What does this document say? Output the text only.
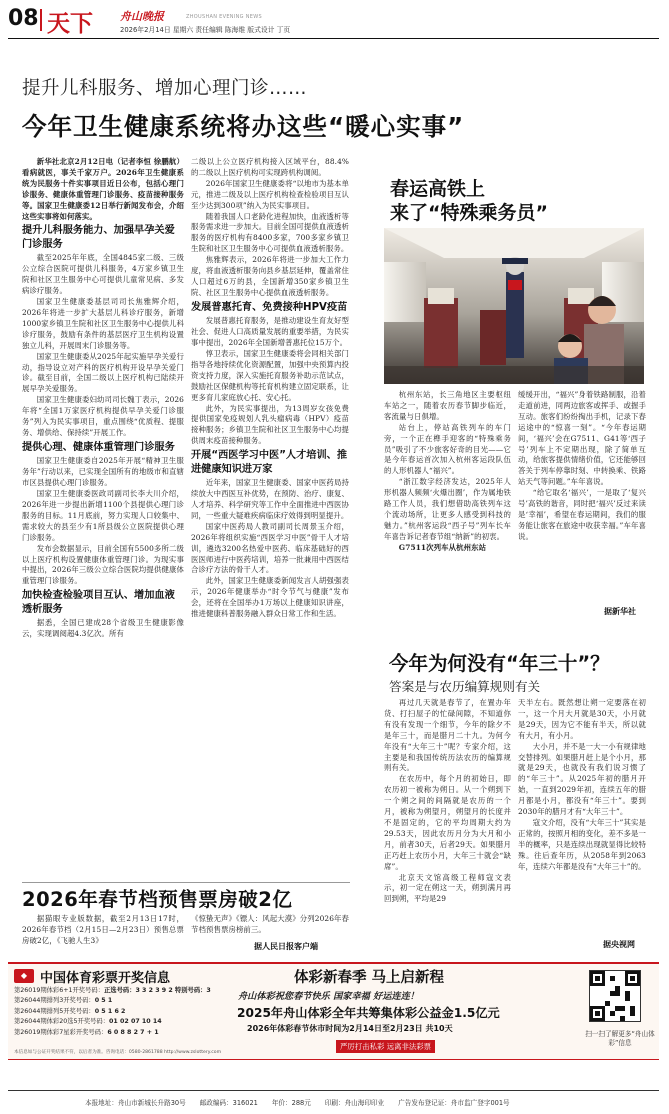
08 天下 舟山晚报	ZHOUSHAN EVENING NEWS
2026年2月14日 星期六 责任编辑 陈海维 版式设计 丁页
提升儿科服务、增加心理门诊……
今年卫生健康系统将办这些“暖心实事”
新华社北京2月12日电（记者李恒 徐鹏航）看病就医，事关千家万户。2026年卫生健康系统为民服务十件实事项目近日公布，包括心理门诊服务、健康体重管理门诊服务、疫苗接种服务等。国家卫生健康委12日举行新闻发布会，介绍这些实事将如何落实。
提升儿科服务能力、加强早孕关爱门诊服务
截至2025年年底，全国4845家二级、三级公立综合医院可提供儿科服务，4万家乡镇卫生院和社区卫生服务中心可提供儿童常见病、多发病诊疗服务。
国家卫生健康委基层司司长焦雅辉介绍，2026年将进一步扩大基层儿科诊疗服务，新增1000家乡镇卫生院和社区卫生服务中心提供儿科诊疗服务，鼓励有条件的基层医疗卫生机构设置独立儿科，开展周末门诊服务等。
国家卫生健康委从2025年起实施早孕关爱行动，指导设立对产科的医疗机构开设早孕关爱门诊。截至目前，全国二级以上医疗机构已陆续开展早孕关爱服务。
国家卫生健康委妇幼司司长魏丁表示，2026年将“全国1万家医疗机构提供早孕关爱门诊服务”列入为民实事项目，重点围绕“优质程、提服务、增供给、保持续”开展工作。
提供心理、健康体重管理门诊服务
国家卫生健康委自2025年开展“精神卫生服务年”行动以来，已实现全国所有的地级市和直辖市区县提供心理门诊服务。
国家卫生健康委医政司副司长李大川介绍，2026年进一步提出新增1100个县提供心理门诊服务的目标。11月底前，努力实现人口较集中、需求较大的县至少有1所县级公立医院提供心理门诊服务。
发布会数据显示，目前全国有5500多所二级以上医疗机构设置健康体重管理门诊。为现实事中提出，2026年三级公立综合医院均提供健康体重管理门诊服务。
加快检查检验项目互认、增加血液透析服务
据悉，全国已建成28个省级卫生健康影像云，实现调阅超4.3亿次。所有
二级以上公立医疗机构接入区域平台，88.4%的二级以上医疗机构可实现跨机构调阅。
2026年国家卫生健康委将“以地市为基本单元，推进二级及以上医疗机构检查检验项目互认至少达到300项”纳入为民实事项目。
随着我国人口老龄化进程加快，血液透析等服务需求进一步加大。目前全国可提供血液透析服务的医疗机构有8400多家，700多家乡镇卫生院和社区卫生服务中心可提供血液透析服务。
焦雅辉表示，2026年将进一步加大工作力度，将血液透析服务向县乡基层延伸，覆盖常住人口超过6万的县，全国新增350家乡镇卫生院、社区卫生服务中心提供血液透析服务。
发展普惠托育、免费接种HPV疫苗
发展普惠托育服务，是推动建设生育友好型社会、促进人口高质量发展的重要举措，为民实事中提出，2026年全国新增普惠托位15万个。
惇卫表示，国家卫生健康委将会同相关部门指导各地持续优化资源配置，加强中央预算内投资支持力度，深入实施托育服务补助示范试点，鼓励社区保健机构等托育机构建立固定联系，让更多育儿家庭放心托、安心托。
此外，为民实事提出，为13周岁女孩免费提供国家免疫规划人乳头瘤病毒（HPV）疫苗接种服务；乡镇卫生院和社区卫生服务中心均提供周末疫苗接种服务。
开展“西医学习中医”人才培训、推进健康知识进万家
近年来，国家卫生健康委、国家中医药局持续放大中西医互补优势，在预防、治疗、康复、人才培养、科学研究等工作中全面推进中西医协同，一些重大疑难疾病临床疗效得到明显提升。
国家中医药局人教司副司长周景玉介绍，2026年将组织实施“西医学习中医”骨干人才培训，遴选3200名热爱中医药、临床基础好的西医医师进行中医药培训，培养一批兼用中西医结合诊疗方法的骨干人才。
此外，国家卫生健康委新闻发言人胡强强表示，2026年健康举办“时令节气与健康”发布会，还将在全国举办1万场以上健康知识讲座，推进健康科普服务融入群众日常工作和生活。
春运高铁上
来了“特殊乘务员”
杭州东站，长三角地区主要枢纽车站之一，随着农历春节脚步临近，客流量与日俱增。
站台上，停站高铁列车的车门旁，一个正在榫手迎客的“特殊乘务员”吸引了不少旅客好奇的目光——它是今年春运首次加入杭州客运段队伍的人形机器人“福兴”。
“浙江数字经济发达，2025年人形机器人频频‘火爆出圈’，作为属地铁路工作人员，我们想借助高铁列车这个流动场所，让更多人感受到科技的魅力。”杭州客运段“西子号”列车长车年喜告诉记者春节组“纳新”的初衷。
G7511次列车从杭州东站
缓缓开出，“福兴”身着铁路制服，沿着走道前进，同两边旅客或挥手、或握手互动。旅客们纷纷掏出手机，记录下春运途中的“惊喜一刻”。“今年春运期间，‘福兴’会在G7511、G41等‘西子号’列车上不定期出现，除了简单互动，给旅客提供情绪价值，它还能够回答关于列车停靠时刻、中转换乘、铁路站天气等问题。”车年喜说。
“给它取名‘福兴’，一是取了‘复兴号’高铁的谐音，同时把‘福兴’反过来读是‘幸福’，希望在春运期间，我们的服务能让旅客在旅途中收获幸福。”车年喜说。
据新华社
今年为何没有“年三十”？
答案是与农历编算规则有关
再过几天就是春节了，在置办年货、打扫屋子的忙碌间隙，不知道你有没有发现一个细节，今年的除夕不是年三十，而是腊月二十九。为何今年没有“大年三十”呢？专家介绍，这主要是和我国传统历法农历的编算规则有关。
在农历中，每个月的初始日，即农历初一被称为朔日。从一个朔到下一个朔之间的间隔就是农历的一个月，被称为朔望月，朔望月的长度并不是固定的，它的平均周期大约为29.53天，因此农历月分为大月和小月，前者30天，后者29天。如果腊月正巧赶上农历小月，大年三十就会“缺席”。
北京天文馆高级工程师寇文表示，初一定在朔这一天，朔到满月再回到朔，平均是29
天半左右。既然想让朔一定要落在初一，这一个月大月就是30天，小月就是29天，因为它不能有半天，所以就有大月，有小月。
大小月，并不是一大一小有规律地交替排列。如果腊月赶上是个小月，那就是29天，也就没有我们说习惯了的“年三十”。从2025年初的腊月开始，一直到2029年初，连续五年的腊月都是小月，都没有“年三十”。要到2030年的腊月才有“大年三十”。
寇文介绍，没有“大年三十”其实是正常的，按照月相的变化，差不多是一半的概率，只是连续出现就显得比较特殊。往后查年历，从2058年到2063年，连续六年都是没有“大年三十”的。
据央视网
2026年春节档预售票房破2亿
据猫眼专业版数据，截至2月13日17时，2026年春节档（2月15日—2月23日）预售总票房破2亿，《飞驰人生3》
《惊蛰无声》《镖人：风起大漠》分列2026年春节档预售票房榜前三。
据人民日报客户端
◆ 中国体育彩票开奖信息
第26019期体彩6+1开奖号码：正选号码：3 3 2 3 9 2 特别号码：3
第26044期排列3开奖号码：0 5 1
第26044期排列5开奖号码：0 5 1 6 2
第26044期体彩20选5开奖号码：01 02 07 10 14
第26019期体彩7星彩开奖号码：6 0 8 8 2 7 + 1
本信息如与公证开奖结果不符，以后者为准。咨询电话：0580-2861788 http://www.zslottery.com
体彩新春季 马上启新程
舟山体彩祝您春节快乐 国家幸福 好运连连！
2025年舟山体彩全年共筹集体彩公益金1.5亿元
2026年体彩春节休市时间为2月14日至2月23日 共10天
严厉打击私彩 远离非法彩票
扫一扫了解更多“舟山体彩”信息
本报地址：舟山市新城长升路30号 邮政编码：316021 年价：288元 印刷：舟山海印印业 广告发布登记证：舟市监广登字001号
